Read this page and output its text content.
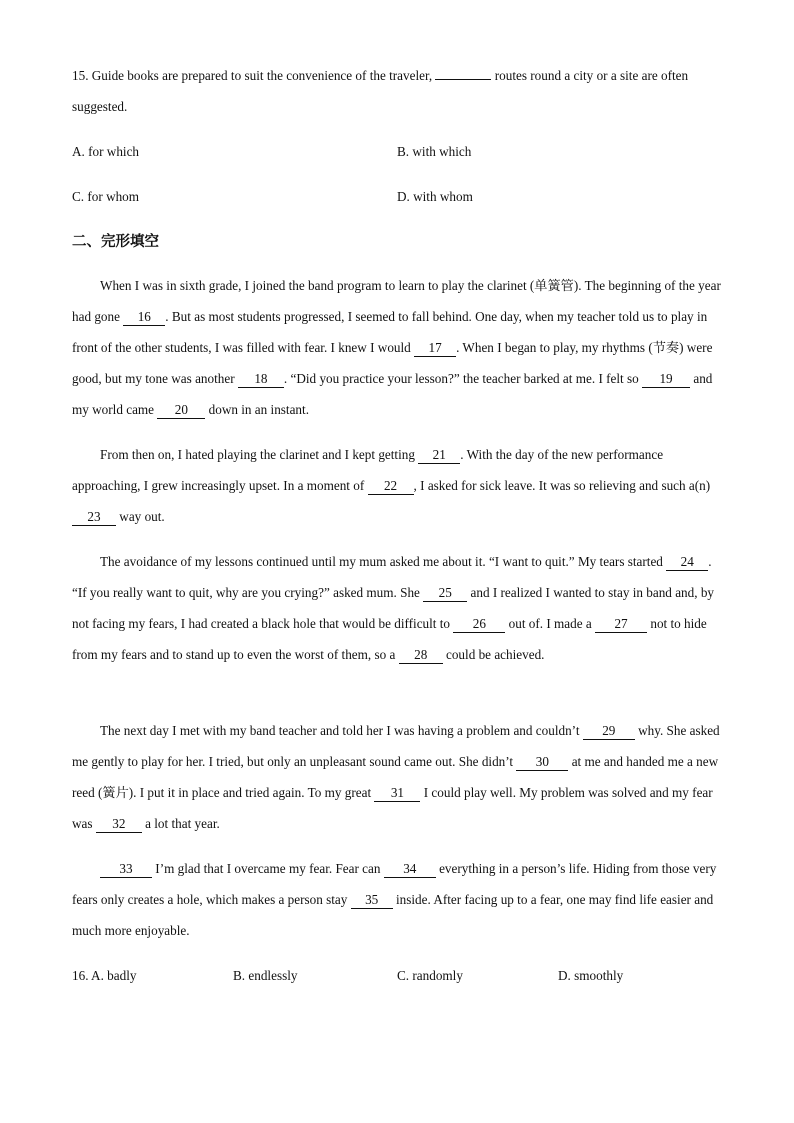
15. Guide books are prepared to suit the convenience of the traveler,	routes round a city or a site are often suggested.

A. for which	B. with which
C. for whom	D. with whom
二、完形填空

When I was in sixth grade, I joined the band program to learn to play the clarinet (单簧管). The beginning of the year had gone 16 . But as most students progressed, I seemed to fall behind. One day, when my teacher told us to play in front of the other students, I was filled with fear. I knew I would 17 . When I began to play, my rhythms (节奏) were good, but my tone was another 18 . “Did you practice your lesson?” the teacher barked at me. I felt so 19 and my world came 20 down in an instant.

From then on, I hated playing the clarinet and I kept getting 21 . With the day of the new performance approaching, I grew increasingly upset. In a moment of 22 , I asked for sick leave. It was so relieving and such a(n) 23 way out.

The avoidance of my lessons continued until my mum asked me about it. “I want to quit.” My tears started 24 . “If you really want to quit, why are you crying?” asked mum. She 25 and I realized I wanted to stay in band and, by not facing my fears, I had created a black hole that would be difficult to 26 out of. I made a 27 not to hide from my fears and to stand up to even the worst of them, so a 28 could be achieved.

The next day I met with my band teacher and told her I was having a problem and couldn’t 29 why. She asked me gently to play for her. I tried, but only an unpleasant sound came out. She didn’t 30 at me and handed me a new reed (簧片). I put it in place and tried again. To my great 31 I could play well. My problem was solved and my fear was 32 a lot that year.

33 I’m glad that I overcame my fear. Fear can 34 everything in a person’s life. Hiding from those very fears only creates a hole, which makes a person stay 35 inside. After facing up to a fear, one may find life easier and much more enjoyable.

16. A. badly	B. endlessly	C. randomly	D. smoothly
